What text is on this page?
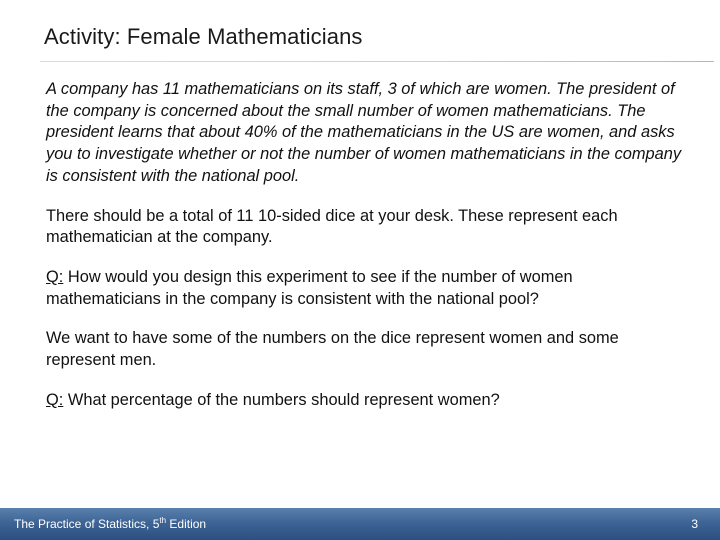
Activity: Female Mathematicians

A company has 11 mathematicians on its staff, 3 of which are women. The president of the company is concerned about the small number of women mathematicians. The president learns that about 40% of the mathematicians in the US are women, and asks you to investigate whether or not the number of women mathematicians in the company is consistent with the national pool.

There should be a total of 11 10-sided dice at your desk. These represent each mathematician at the company.

Q: How would you design this experiment to see if the number of women mathematicians in the company is consistent with the national pool?

We want to have some of the numbers on the dice represent women and some represent men.

Q: What percentage of the numbers should represent women?

The Practice of Statistics, 5th Edition	3
